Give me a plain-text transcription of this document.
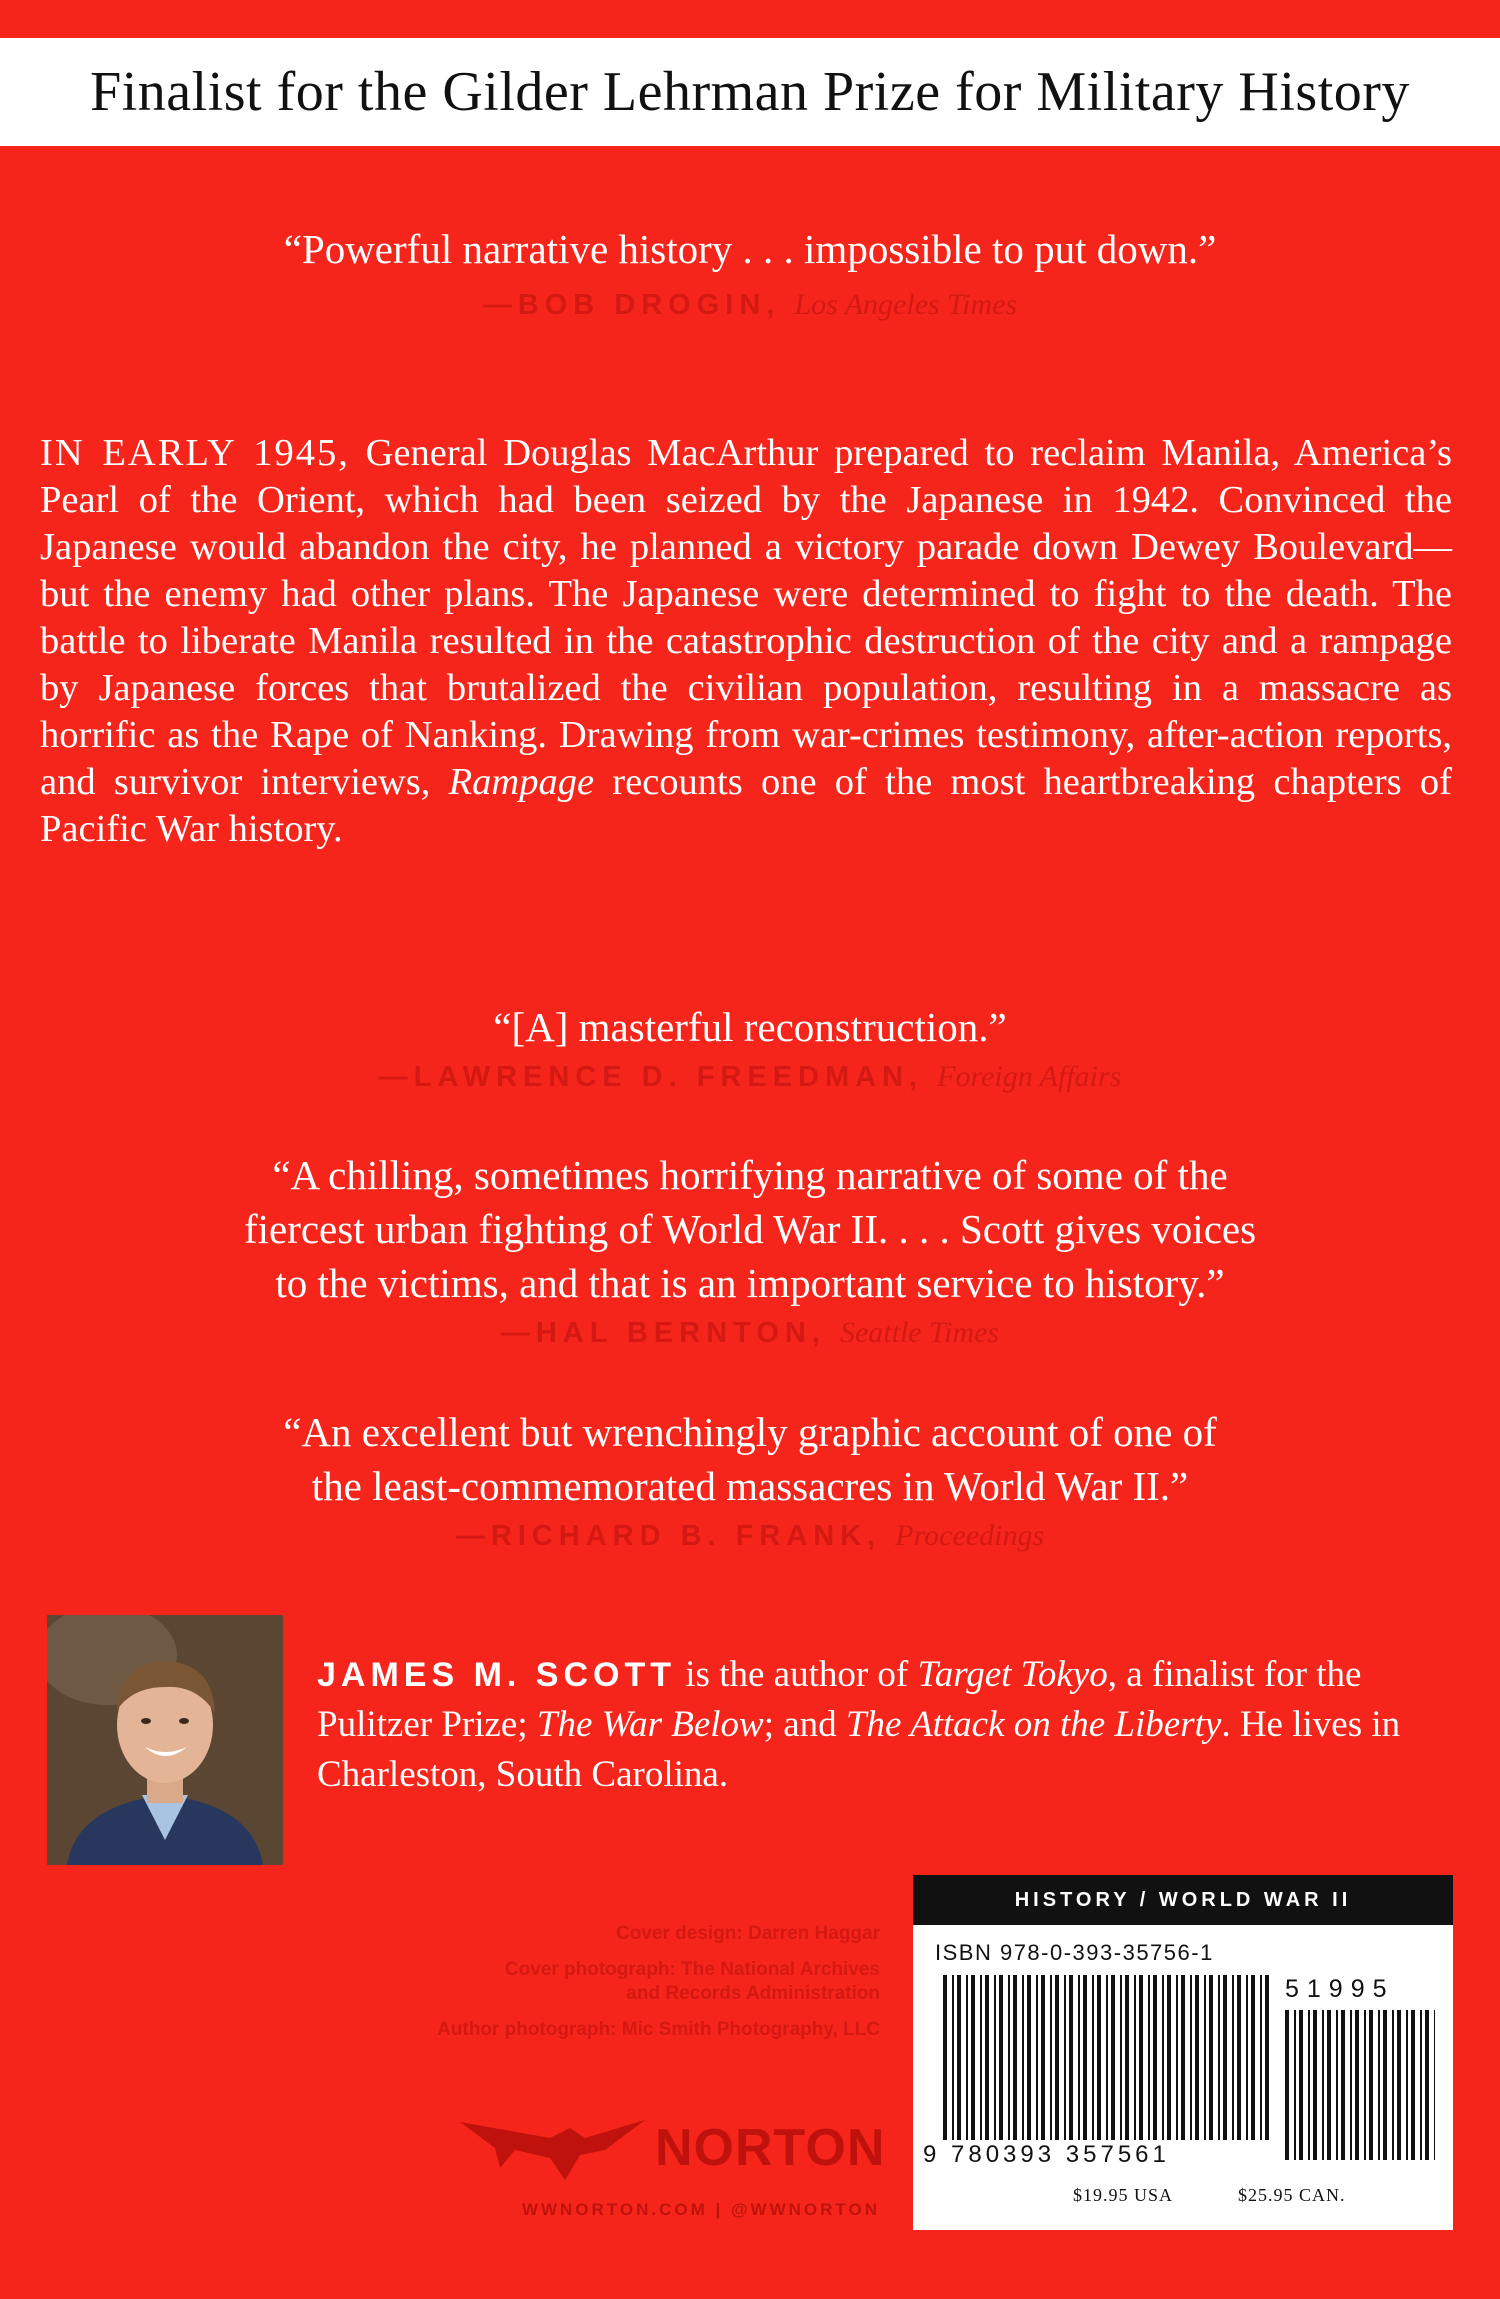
Finalist for the Gilder Lehrman Prize for Military History
“Powerful narrative history . . . impossible to put down.”
—BOB DROGIN, Los Angeles Times
IN EARLY 1945, General Douglas MacArthur prepared to reclaim Manila, America’s Pearl of the Orient, which had been seized by the Japanese in 1942. Convinced the Japanese would abandon the city, he planned a victory parade down Dewey Boulevard—but the enemy had other plans. The Japanese were determined to fight to the death. The battle to liberate Manila resulted in the catastrophic destruction of the city and a rampage by Japanese forces that brutalized the civilian population, resulting in a massacre as horrific as the Rape of Nanking. Drawing from war-crimes testimony, after-action reports, and survivor interviews, Rampage recounts one of the most heartbreaking chapters of Pacific War history.
“[A] masterful reconstruction.”
—LAWRENCE D. FREEDMAN, Foreign Affairs
“A chilling, sometimes horrifying narrative of some of the
fiercest urban fighting of World War II. . . . Scott gives voices
to the victims, and that is an important service to history.”
—HAL BERNTON, Seattle Times
“An excellent but wrenchingly graphic account of one of
the least-commemorated massacres in World War II.”
—RICHARD B. FRANK, Proceedings
JAMES M. SCOTT is the author of Target Tokyo, a finalist for the Pulitzer Prize; The War Below; and The Attack on the Liberty. He lives in Charleston, South Carolina.
Cover design: Darren Haggar
Cover photograph: The National Archives
and Records Administration
Author photograph: Mic Smith Photography, LLC
NORTON
WWNORTON.COM | @WWNORTON
HISTORY / WORLD WAR II
ISBN 978-0-393-35756-1
51995
9 780393 357561
$19.95 USA	$25.95 CAN.
